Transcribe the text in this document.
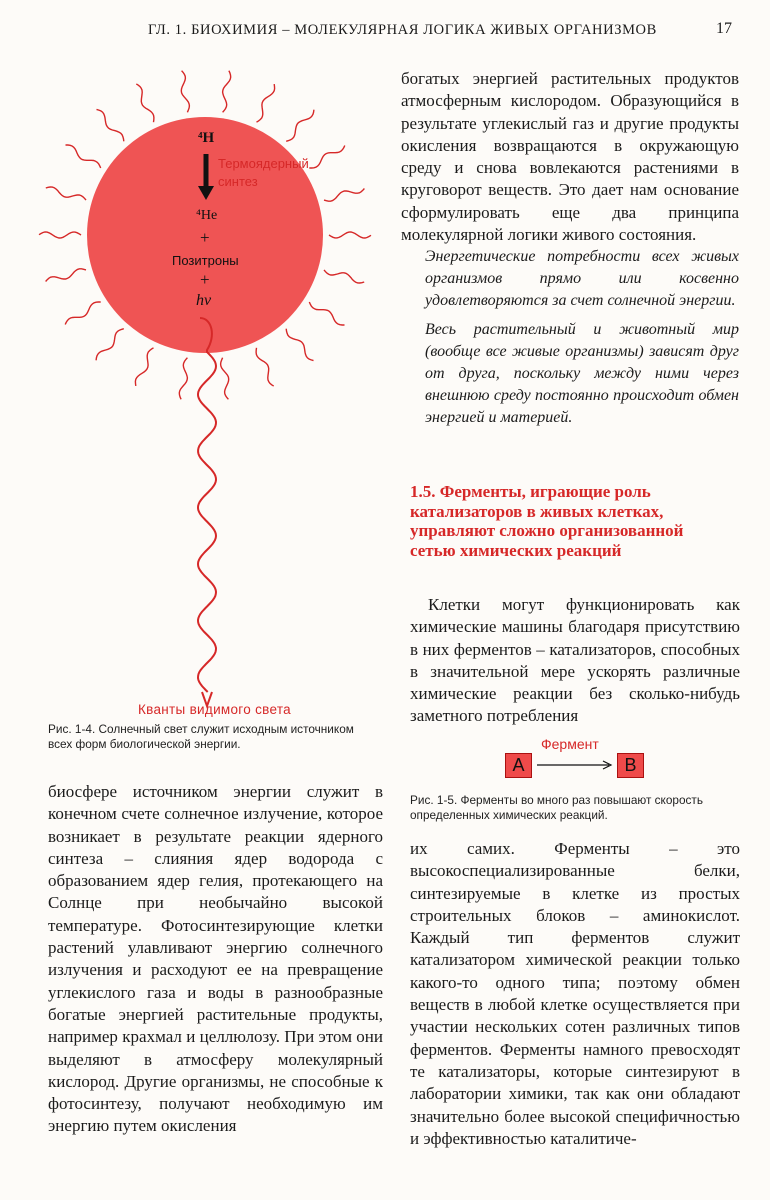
ГЛ. 1. БИОХИМИЯ – МОЛЕКУЛЯРНАЯ ЛОГИКА ЖИВЫХ ОРГАНИЗМОВ	17
⁴H
Термоядерный синтез
⁴He
+
Позитроны
+
hν
Кванты видимого света
Рис. 1-4. Солнечный свет служит исходным источником всех форм биологической энергии.
богатых энергией растительных продуктов атмосферным кислородом. Образующийся в результате углекислый газ и другие продукты окисления возвращаются в окружающую среду и снова вовлекаются растениями в круговорот веществ. Это дает нам основание сформулировать еще два принципа молекулярной логики живого состояния.

Энергетические потребности всех живых организмов прямо или косвенно удовлетворяются за счет солнечной энергии.

Весь растительный и животный мир (вообще все живые организмы) зависят друг от друга, поскольку между ними через внешнюю среду постоянно происходит обмен энергией и материей.

1.5. Ферменты, играющие роль катализаторов в живых клетках, управляют сложно организованной сетью химических реакций
Клетки могут функционировать как химические машины благодаря присутствию в них ферментов – катализаторов, способных в значительной мере ускорять различные химические реакции без сколько-нибудь заметного потребления
Фермент
A	B
Рис. 1-5. Ферменты во много раз повышают скорость определенных химических реакций.
биосфере источником энергии служит в конечном счете солнечное излучение, которое возникает в результате реакции ядерного синтеза – слияния ядер водорода с образованием ядер гелия, протекающего на Солнце при необычайно высокой температуре. Фотосинтезирующие клетки растений улавливают энергию солнечного излучения и расходуют ее на превращение углекислого газа и воды в разнообразные богатые энергией растительные продукты, например крахмал и целлюлозу. При этом они выделяют в атмосферу молекулярный кислород. Другие организмы, не способные к фотосинтезу, получают необходимую им энергию путем окисления
их самих. Ферменты – это высокоспециализированные белки, синтезируемые в клетке из простых строительных блоков – аминокислот. Каждый тип ферментов служит катализатором химической реакции только какого-то одного типа; поэтому обмен веществ в любой клетке осуществляется при участии нескольких сотен различных типов ферментов. Ферменты намного превосходят те катализаторы, которые синтезируют в лаборатории химики, так как они обладают значительно более высокой специфичностью и эффективностью каталитиче-
